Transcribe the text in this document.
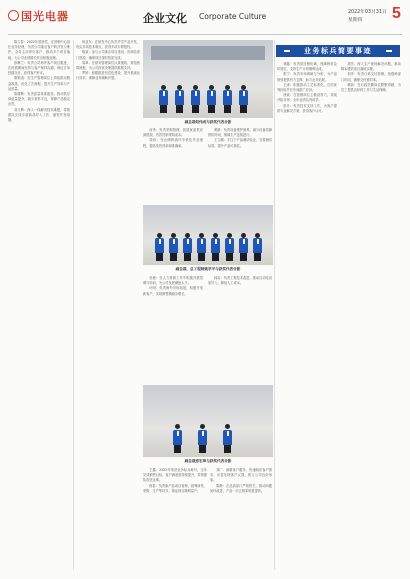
国光电器	企业文化 Corporate Culture	2022年03月31日
星期四 5

陈立春：2022年度获奖，在营销中心担任业务经理，负责公司重点客户的开发与维护。全年主动拜访客户，推动多个项目落地，为公司业绩增长作出积极贡献。

彭琳兰：负责公司海外客户项目跟进，在疫情期间坚持与客户保持沟通，保证订单按期交付，获得客户好评。

陈锦清：在生产管理岗位上持续推动精益改善，优化工艺流程，提升生产效率与产品质量。

陈耀辉：负责质量体系建设，推动供应商质量提升，减少来料不良，保障产品稳定出货。

刘文辉：深入一线解决技术难题，带领团队完成多款新品导入工作，缩短开发周期。

杨亚东：在研发中心负责声学产品开发，攻克多项技术难点，获得多项专利授权。

陈斌：参与公司重点项目建设，协调各部门资源，确保项目按时按质完成。

周翠：在财务管理岗位认真细致，规范核算流程，为公司经营决策提供数据支持。

罗婷：积极推进信息化建设，提升系统运行效率，保障业务顺畅开展。

副总裁何伟成与获奖代表合影

何秀：负责采购管理，拓展优质供应商资源，有效控制采购成本。

周伟：在仓储物流环节优化作业流程，提高发货效率和准确率。

黄镇：负责设备维护保养，减少设备故障停机时间，保障生产连续进行。

王立鹏：专注于产品测试验证，完善测试标准，提升产品可靠性。

副总裁、总工程师姚学平与获奖代表合影

吴俊：在人力资源工作中积极开展招聘与培训，为公司发展储备人才。

叶明：负责海外市场拓展，积极开发新客户，实现销售额稳步增长。

林浩：负责工程技术改进，推动自动化设备导入，降低人工成本。

副总裁邢宏坤与获奖代表合影

王鑫：2022年荣获业务标兵称号，全年完成销售目标，客户满意度持续提升，带领团队攻坚克难。

蒋春：负责新产品项目管理，统筹研发、采购、生产等环节，保证项目顺利量产。

刘广：深耕客户服务，快速响应客户需求，妥善处理客户反馈，树立公司良好形象。

陈静：在品质部门严格把关，推动问题闭环改善，产品一次合格率明显提高。

业务标兵简要事迹

林娜：负责供应链协调，保障物料及时到位，支持生产计划顺利达成。

张宁：负责市场调研与分析，为产品规划提供有力支撑，助力业务拓展。

王涛：积极推动工艺标准化，总结优秀经验并在车间推广应用。

徐欢：在营销岗位上勤奋努力，持续开拓市场，全年业绩名列前茅。

彭冬：负责技术支持工作，为客户提供专业解决方案，获得客户认可。

胡杰：深入生产现场解决问题，推动降本增效项目落地实施。

刘洋：负责订单交付管理，加强跨部门协同，确保交付准时率。

黄丽：在行政后勤岗位默默奉献，为员工提供良好的工作与生活保障。
